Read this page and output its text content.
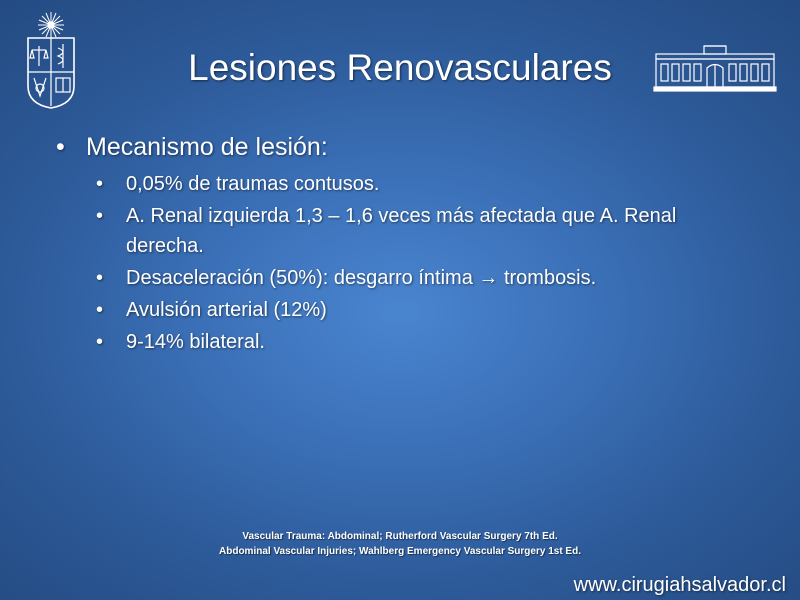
Lesiones Renovasculares
• Mecanismo de lesión:
•	0,05% de traumas contusos.
•	A. Renal izquierda 1,3 – 1,6 veces más afectada que A. Renal derecha.
•	Desaceleración (50%): desgarro íntima → trombosis.
•	Avulsión arterial (12%)
•	9-14% bilateral.
Vascular Trauma: Abdominal; Rutherford Vascular Surgery 7th Ed.
Abdominal Vascular Injuries; Wahlberg Emergency Vascular Surgery 1st Ed.
www.cirugiahsalvador.cl
